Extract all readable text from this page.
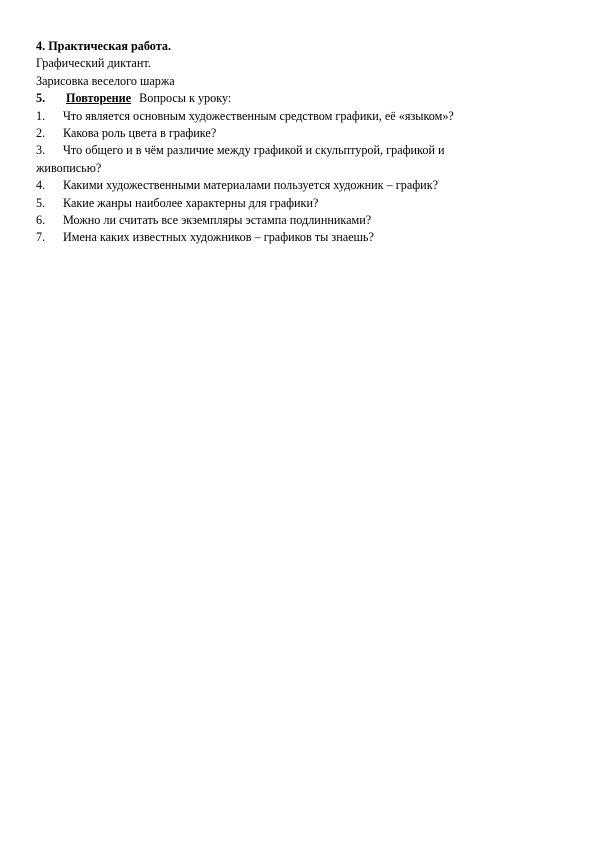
4. Практическая работа.
Графический диктант.
Зарисовка веселого шаржа
5.	Повторение Вопросы к уроку:
1.	Что является основным художественным средством графики, её «языком»?
2.	Какова роль цвета в графике?
3.	Что общего и в чём различие между графикой и скульптурой, графикой и
живописью?
4.	Какими художественными материалами пользуется художник – график?
5.	Какие жанры наиболее характерны для графики?
6.	Можно ли считать все экземпляры эстампа подлинниками?
7.	Имена каких известных художников – графиков ты знаешь?
